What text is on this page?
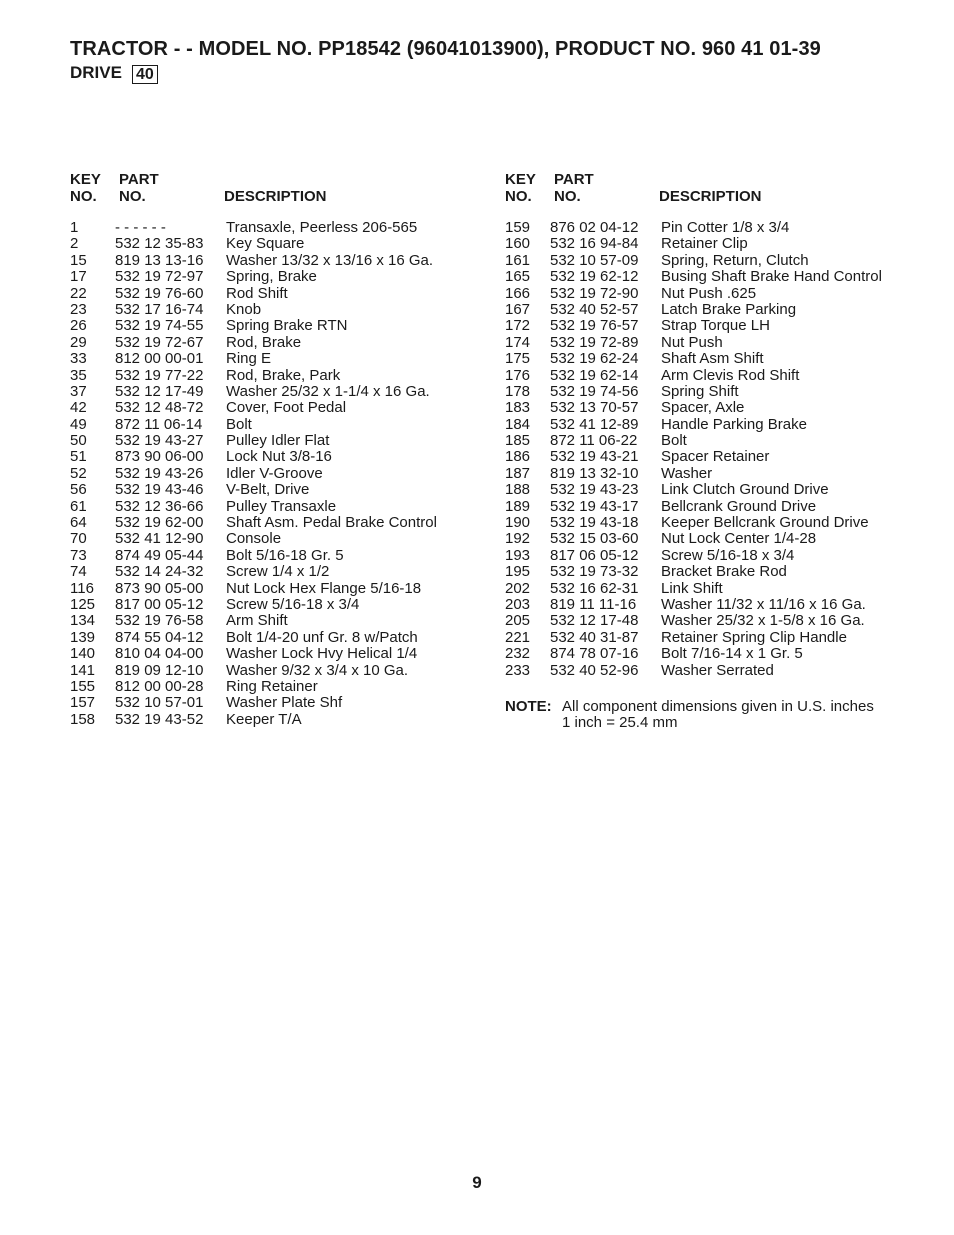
TRACTOR - - MODEL NO. PP18542 (96041013900), PRODUCT NO. 960 41 01-39
DRIVE 40
KEY
NO.
PART
NO.	DESCRIPTION
1 - - - - - -	Transaxle, Peerless 206-565
2 532 12 35-83 Key Square
15 819 13 13-16 Washer 13/32 x 13/16 x 16 Ga.
17 532 19 72-97 Spring, Brake
22 532 19 76-60 Rod Shift
23 532 17 16-74 Knob
26 532 19 74-55 Spring Brake RTN
29 532 19 72-67 Rod, Brake
33 812 00 00-01 Ring E
35 532 19 77-22 Rod, Brake, Park
37 532 12 17-49 Washer 25/32 x 1-1/4 x 16 Ga.
42 532 12 48-72 Cover, Foot Pedal
49 872 11 06-14 Bolt
50 532 19 43-27 Pulley Idler Flat
51 873 90 06-00 Lock Nut 3/8-16
52 532 19 43-26 Idler V-Groove
56 532 19 43-46 V-Belt, Drive
61 532 12 36-66 Pulley Transaxle
64 532 19 62-00 Shaft Asm. Pedal Brake Control
70 532 41 12-90 Console
73 874 49 05-44 Bolt 5/16-18 Gr. 5
74 532 14 24-32 Screw 1/4 x 1/2
116 873 90 05-00 Nut Lock Hex Flange 5/16-18
125 817 00 05-12 Screw 5/16-18 x 3/4
134 532 19 76-58 Arm Shift
139 874 55 04-12 Bolt 1/4-20 unf Gr. 8 w/Patch
140 810 04 04-00 Washer Lock Hvy Helical 1/4
141 819 09 12-10 Washer 9/32 x 3/4 x 10 Ga.
155 812 00 00-28 Ring Retainer
157 532 10 57-01 Washer Plate Shf
158 532 19 43-52 Keeper T/A
KEY
NO.
PART
NO.	DESCRIPTION
159 876 02 04-12 Pin Cotter 1/8 x 3/4
160 532 16 94-84 Retainer Clip
161 532 10 57-09 Spring, Return, Clutch
165 532 19 62-12 Busing Shaft Brake Hand Control
166 532 19 72-90 Nut Push .625
167 532 40 52-57 Latch Brake Parking
172 532 19 76-57 Strap Torque LH
174 532 19 72-89 Nut Push
175 532 19 62-24 Shaft Asm Shift
176 532 19 62-14 Arm Clevis Rod Shift
178 532 19 74-56 Spring Shift
183 532 13 70-57 Spacer, Axle
184 532 41 12-89 Handle Parking Brake
185 872 11 06-22 Bolt
186 532 19 43-21 Spacer Retainer
187 819 13 32-10 Washer
188 532 19 43-23 Link Clutch Ground Drive
189 532 19 43-17 Bellcrank Ground Drive
190 532 19 43-18 Keeper Bellcrank Ground Drive
192 532 15 03-60 Nut Lock Center 1/4-28
193 817 06 05-12 Screw 5/16-18 x 3/4
195 532 19 73-32 Bracket Brake Rod
202 532 16 62-31 Link Shift
203 819 11 11-16 Washer 11/32 x 11/16 x 16 Ga.
205 532 12 17-48 Washer 25/32 x 1-5/8 x 16 Ga.
221 532 40 31-87 Retainer Spring Clip Handle
232 874 78 07-16 Bolt 7/16-14 x 1 Gr. 5
233 532 40 52-96 Washer Serrated
NOTE: All component dimensions given in U.S. inches
1 inch = 25.4 mm
9
